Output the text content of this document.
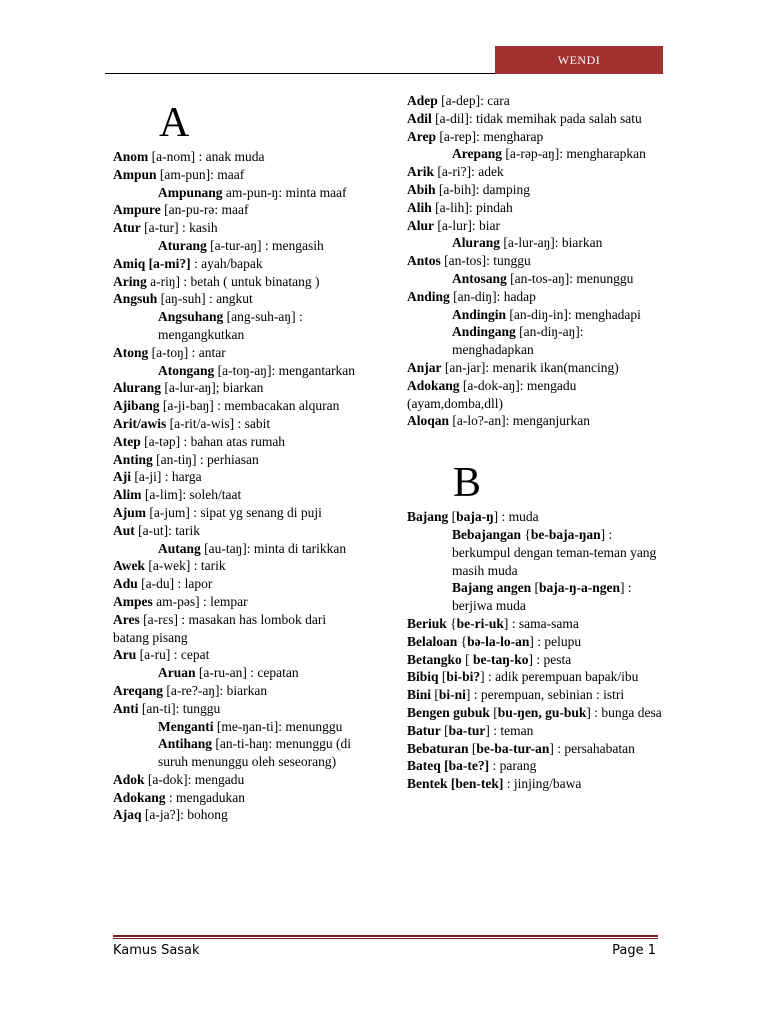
WENDI
A

Anom [a-nom] : anak muda

Ampun [am-pun]: maaf

Ampunang am-pun-ŋ: minta maaf

Ampure [an-pu-rə: maaf

Atur [a-tur] : kasih

Aturang [a-tur-aŋ] : mengasih

Amiq [a-mi?] : ayah/bapak

Aring a-riŋ] : betah ( untuk binatang )

Angsuh [aŋ-suh] : angkut

Angsuhang [ang-suh-aŋ] : mengangkutkan

Atong [a-toŋ] : antar

Atongang [a-toŋ-aŋ]: mengantarkan

Alurang [a-lur-aŋ]; biarkan

Ajibang [a-ji-baŋ] : membacakan alquran

Arit/awis [a-rit/a-wis] : sabit

Atep [a-təp] : bahan atas rumah

Anting [an-tiŋ] : perhiasan

Aji [a-ji] : harga

Alim [a-lim]: soleh/taat

Ajum [a-jum] : sipat yg senang di puji

Aut [a-ut]: tarik

Autang [au-taŋ]: minta di tarikkan

Awek [a-wek] : tarik

Adu [a-du] : lapor

Ampes am-pəs] : lempar

Ares [a-rɛs] : masakan has lombok dari batang pisang

Aru [a-ru] : cepat

Aruan [a-ru-an] : cepatan

Areqang [a-re?-aŋ]: biarkan

Anti [an-ti]: tunggu

Menganti [me-ŋan-ti]: menunggu

Antihang [an-ti-haŋ: menunggu (di suruh menunggu oleh seseorang)

Adok [a-dok]: mengadu

Adokang : mengadukan

Ajaq [a-ja?]: bohong

Adep [a-dep]: cara

Adil [a-dil]: tidak memihak pada salah satu

Arep [a-rep]: mengharap

Arepang [a-rəp-aŋ]: mengharapkan

Arik [a-ri?]: adek

Abih [a-bih]: damping

Alih [a-lih]: pindah

Alur [a-lur]: biar

Alurang [a-lur-aŋ]: biarkan

Antos [an-tos]: tunggu

Antosang [an-tos-aŋ]: menunggu

Anding [an-diŋ]: hadap

Andingin [an-diŋ-in]: menghadapi

Andingang [an-diŋ-aŋ]: menghadapkan

Anjar [an-jar]: menarik ikan(mancing)

Adokang [a-dok-aŋ]: mengadu (ayam,domba,dll)

Aloqan [a-lo?-an]: menganjurkan

B

Bajang [baja-ŋ] : muda

Bebajangan {be-baja-ŋan] : berkumpul dengan teman-teman yang masih muda

Bajang angen [baja-ŋ-a-ngen] : berjiwa muda

Beriuk {be-ri-uk] : sama-sama

Belaloan {bə-la-lo-an] : pelupu

Betangko [ be-taŋ-ko] : pesta

Bibiq [bi-bi?] : adik perempuan bapak/ibu

Bini [bi-ni] : perempuan, sebinian : istri

Bengen gubuk [bu-ŋen, gu-buk] : bunga desa

Batur [ba-tur] : teman

Bebaturan [be-ba-tur-an] : persahabatan

Bateq [ba-te?] : parang

Bentek [ben-tek] : jinjing/bawa

Kamus Sasak	Page 1
